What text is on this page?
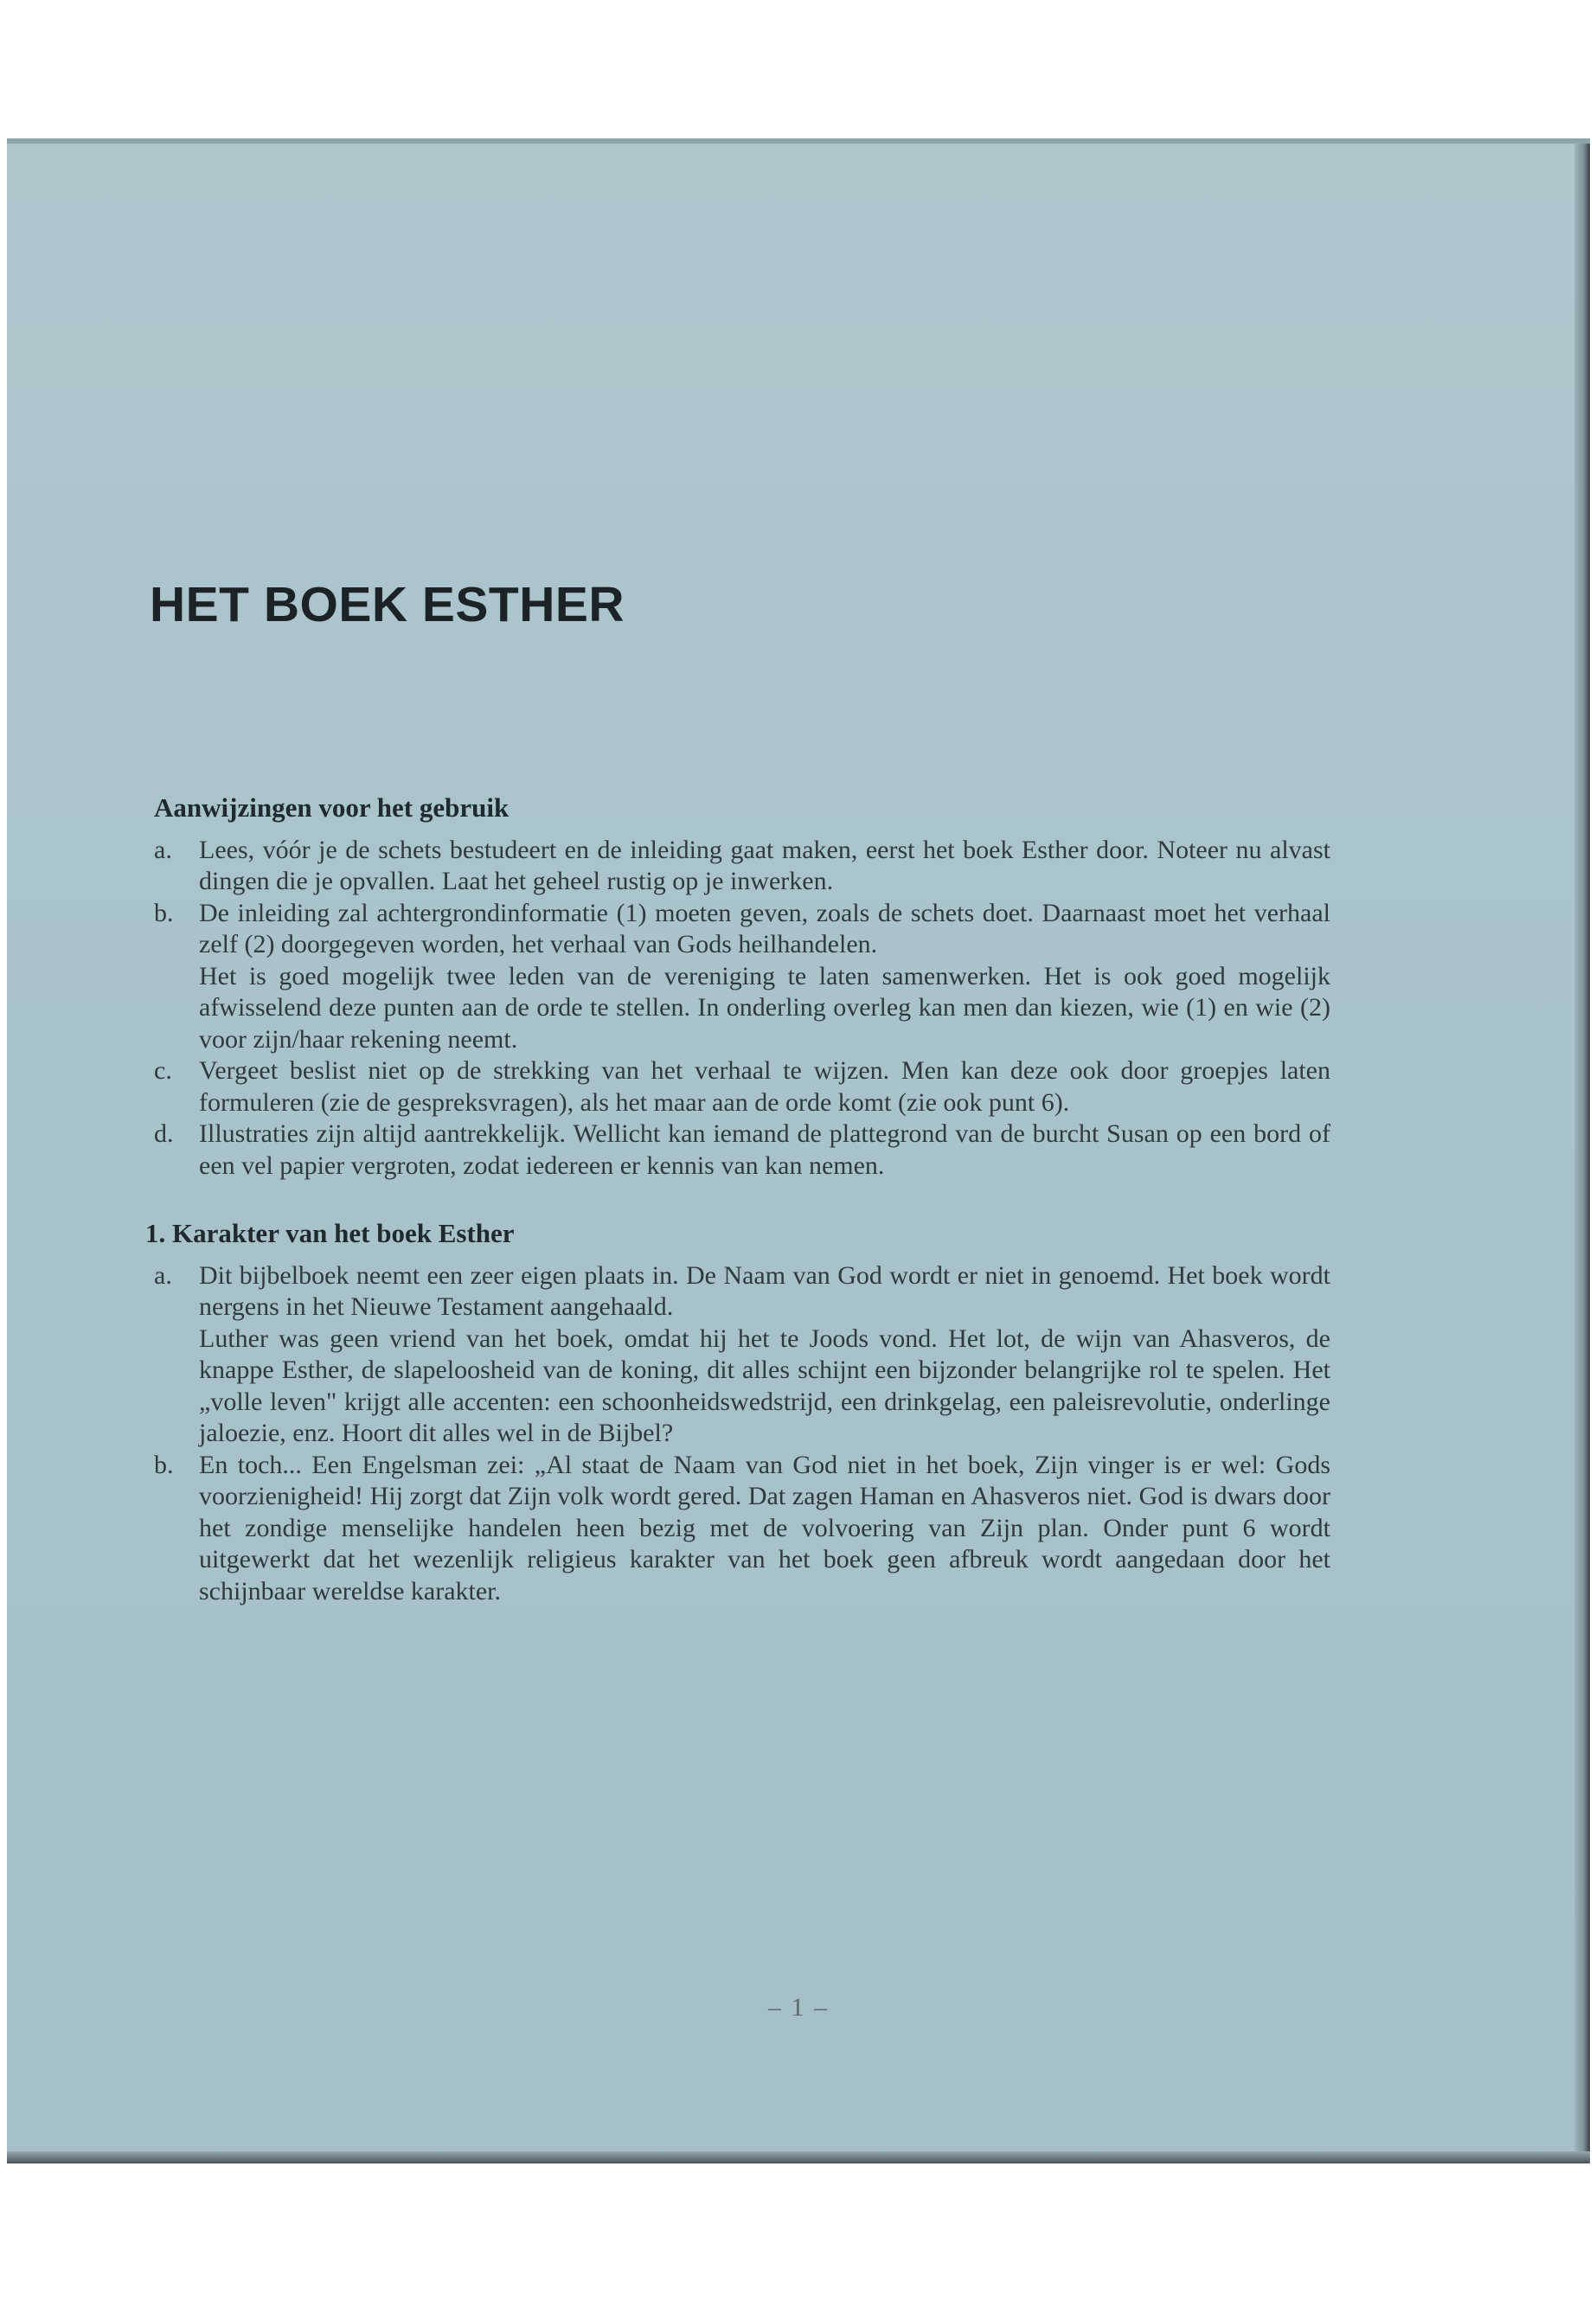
HET BOEK ESTHER
Aanwijzingen voor het gebruik
a. Lees, vóór je de schets bestudeert en de inleiding gaat maken, eerst het boek Esther door. Noteer nu alvast dingen die je opvallen. Laat het geheel rustig op je inwerken.

b. De inleiding zal achtergrondinformatie (1) moeten geven, zoals de schets doet. Daarnaast moet het verhaal zelf (2) doorgegeven worden, het verhaal van Gods heilhandelen.

Het is goed mogelijk twee leden van de vereniging te laten samenwerken. Het is ook goed mogelijk afwisselend deze punten aan de orde te stellen. In onderling overleg kan men dan kiezen, wie (1) en wie (2) voor zijn/haar rekening neemt.

c. Vergeet beslist niet op de strekking van het verhaal te wijzen. Men kan deze ook door groepjes laten formuleren (zie de gespreksvragen), als het maar aan de orde komt (zie ook punt 6).

d. Illustraties zijn altijd aantrekkelijk. Wellicht kan iemand de plattegrond van de burcht Susan op een bord of een vel papier vergroten, zodat iedereen er kennis van kan nemen.

1. Karakter van het boek Esther
a. Dit bijbelboek neemt een zeer eigen plaats in. De Naam van God wordt er niet in genoemd. Het boek wordt nergens in het Nieuwe Testament aangehaald.

Luther was geen vriend van het boek, omdat hij het te Joods vond. Het lot, de wijn van Ahasveros, de knappe Esther, de slapeloosheid van de koning, dit alles schijnt een bijzonder belangrijke rol te spelen. Het „volle leven" krijgt alle accenten: een schoonheidswedstrijd, een drinkgelag, een paleisrevolutie, onderlinge jaloezie, enz. Hoort dit alles wel in de Bijbel?

b. En toch... Een Engelsman zei: „Al staat de Naam van God niet in het boek, Zijn vinger is er wel: Gods voorzienigheid! Hij zorgt dat Zijn volk wordt gered. Dat zagen Haman en Ahasveros niet. God is dwars door het zondige menselijke handelen heen bezig met de volvoering van Zijn plan. Onder punt 6 wordt uitgewerkt dat het wezenlijk religieus karakter van het boek geen afbreuk wordt aangedaan door het schijnbaar wereldse karakter.

– 1 –
